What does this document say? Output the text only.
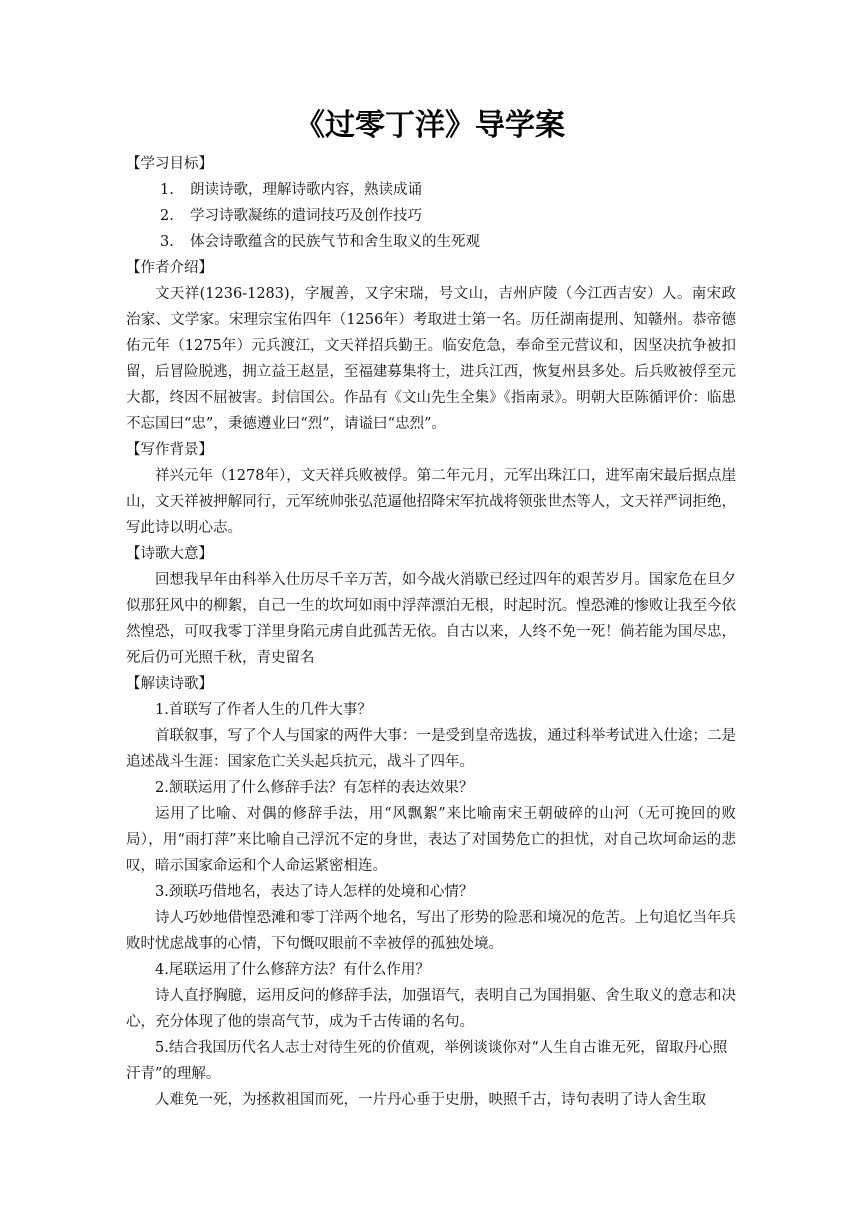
《过零丁洋》导学案

【学习目标】

1. 朗读诗歌，理解诗歌内容，熟读成诵
2. 学习诗歌凝练的遣词技巧及创作技巧
3. 体会诗歌蕴含的民族气节和舍生取义的生死观

【作者介绍】

文天祥(1236-1283)，字履善，又字宋瑞，号文山，吉州庐陵（今江西吉安）人。南宋政治家、文学家。宋理宗宝佑四年（1256年）考取进士第一名。历任湖南提刑、知赣州。恭帝德佑元年（1275年）元兵渡江，文天祥招兵勤王。临安危急，奉命至元营议和，因坚决抗争被扣留，后冒险脱逃，拥立益王赵昰，至福建募集将士，进兵江西，恢复州县多处。后兵败被俘至元大都，终因不屈被害。封信国公。作品有《文山先生全集》《指南录》。明朝大臣陈循评价：临患不忘国曰“忠”，秉德遵业曰“烈”，请谥曰“忠烈”。

【写作背景】

祥兴元年（1278年），文天祥兵败被俘。第二年元月，元军出珠江口，进军南宋最后据点崖山，文天祥被押解同行，元军统帅张弘范逼他招降宋军抗战将领张世杰等人，文天祥严词拒绝，写此诗以明心志。

【诗歌大意】

回想我早年由科举入仕历尽千辛万苦，如今战火消歇已经过四年的艰苦岁月。国家危在旦夕似那狂风中的柳絮，自己一生的坎坷如雨中浮萍漂泊无根，时起时沉。惶恐滩的惨败让我至今依然惶恐，可叹我零丁洋里身陷元虏自此孤苦无依。自古以来，人终不免一死！倘若能为国尽忠，死后仍可光照千秋，青史留名

【解读诗歌】

1.首联写了作者人生的几件大事？

首联叙事，写了个人与国家的两件大事：一是受到皇帝选拔，通过科举考试进入仕途；二是追述战斗生涯：国家危亡关头起兵抗元，战斗了四年。

2.颔联运用了什么修辞手法？有怎样的表达效果？

运用了比喻、对偶的修辞手法，用“风飘絮”来比喻南宋王朝破碎的山河（无可挽回的败局），用“雨打萍”来比喻自己浮沉不定的身世，表达了对国势危亡的担忧，对自己坎坷命运的悲叹，暗示国家命运和个人命运紧密相连。

3.颈联巧借地名，表达了诗人怎样的处境和心情？

诗人巧妙地借惶恐滩和零丁洋两个地名，写出了形势的险恶和境况的危苦。上句追忆当年兵败时忧虑战事的心情，下句慨叹眼前不幸被俘的孤独处境。

4.尾联运用了什么修辞方法？有什么作用？

诗人直抒胸臆，运用反问的修辞手法，加强语气，表明自己为国捐躯、舍生取义的意志和决心，充分体现了他的崇高气节，成为千古传诵的名句。

5.结合我国历代名人志士对待生死的价值观，举例谈谈你对“人生自古谁无死，留取丹心照汗青”的理解。

人难免一死，为拯救祖国而死，一片丹心垂于史册，映照千古，诗句表明了诗人舍生取
